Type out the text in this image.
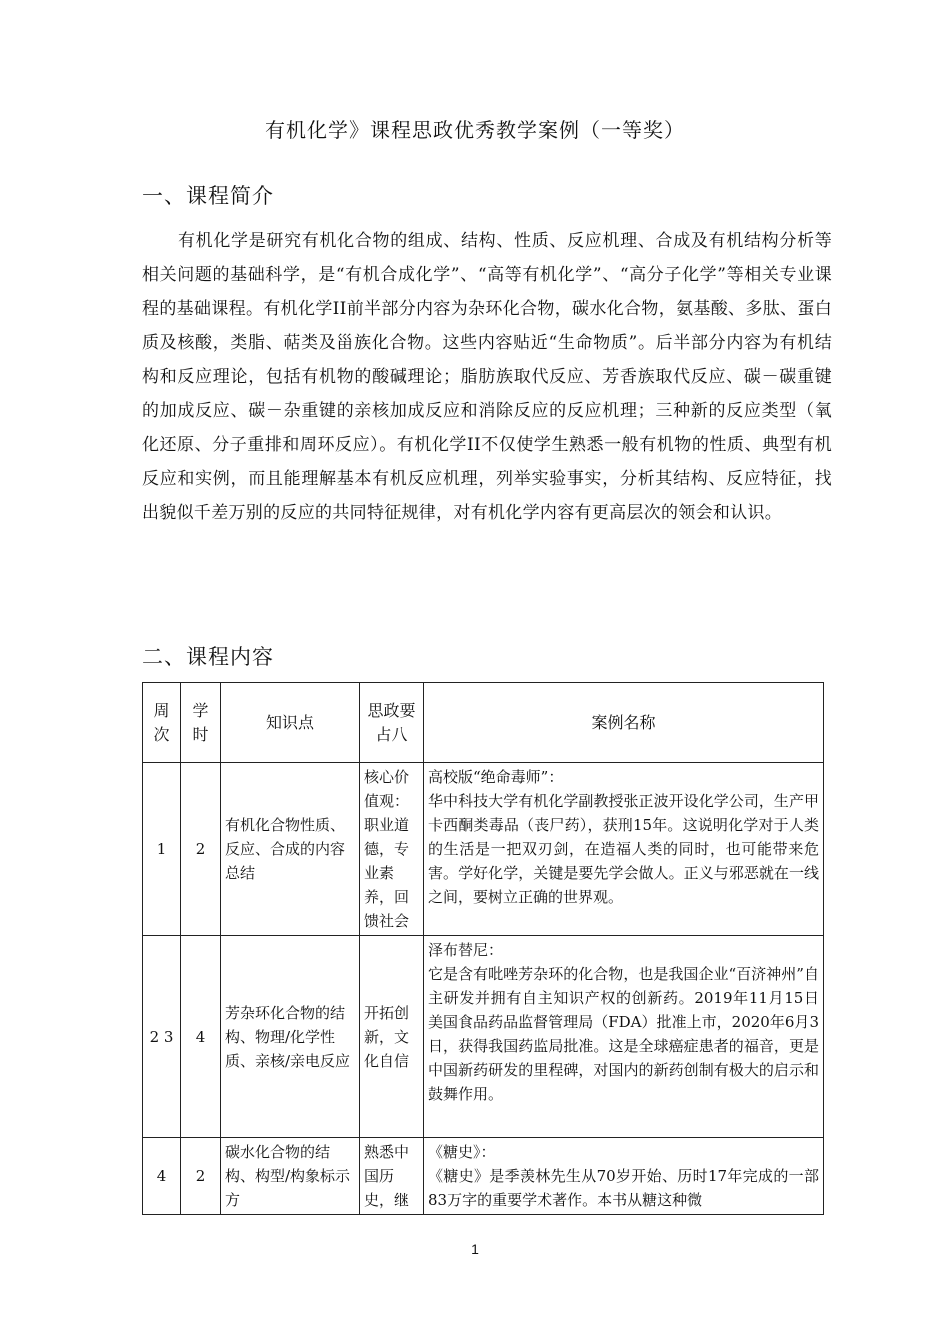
有机化学》课程思政优秀教学案例（一等奖）
一、课程简介
有机化学是研究有机化合物的组成、结构、性质、反应机理、合成及有机结构分析等相关问题的基础科学，是“有机合成化学”、“高等有机化学”、“高分子化学”等相关专业课程的基础课程。有机化学II前半部分内容为杂环化合物，碳水化合物，氨基酸、多肽、蛋白质及核酸，类脂、萜类及甾族化合物。这些内容贴近“生命物质”。后半部分内容为有机结构和反应理论，包括有机物的酸碱理论；脂肪族取代反应、芳香族取代反应、碳－碳重键的加成反应、碳－杂重键的亲核加成反应和消除反应的反应机理；三种新的反应类型（氧化还原、分子重排和周环反应）。有机化学II不仅使学生熟悉一般有机物的性质、典型有机反应和实例，而且能理解基本有机反应机理，列举实验事实，分析其结构、反应特征，找出貌似千差万别的反应的共同特征规律，对有机化学内容有更高层次的领会和认识。
二、课程内容
周次	学时	知识点	思政要占八	案例名称
1	2	有机化合物性质、反应、合成的内容总结	核心价值观：职业道德，专业素养，回馈社会	高校版“绝命毒师”：
华中科技大学有机化学副教授张正波开设化学公司，生产甲卡西酮类毒品（丧尸药），获刑15年。这说明化学对于人类的生活是一把双刃剑，在造福人类的同时，也可能带来危害。学好化学，关键是要先学会做人。正义与邪恶就在一线之间，要树立正确的世界观。

2 3	4	芳杂环化合物的结构、物理/化学性质、亲核/亲电反应	开拓创新，文化自信	泽布替尼：
它是含有吡唑芳杂环的化合物，也是我国企业“百济神州”自主研发并拥有自主知识产权的创新药。2019年11月15日美国食品药品监督管理局（FDA）批准上市，2020年6月3日，获得我国药监局批准。这是全球癌症患者的福音，更是中国新药研发的里程碑，对国内的新药创制有极大的启示和鼓舞作用。

4	2	碳水化合物的结构、构型/构象标示方	熟悉中国历史，继	《糖史》：
《糖史》是季羡林先生从70岁开始、历时17年完成的一部83万字的重要学术著作。本书从糖这种微
1
